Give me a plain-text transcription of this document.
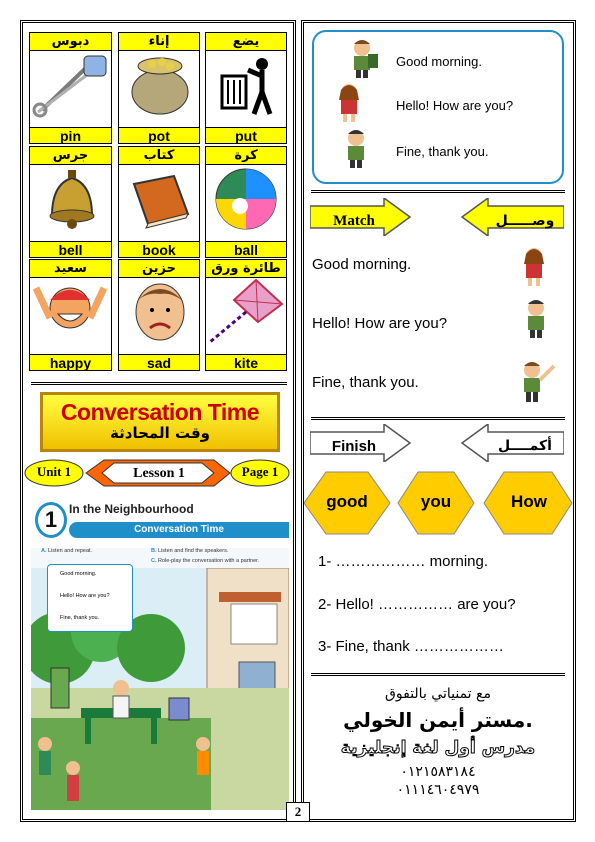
دبوس
pin
إناء
pot
يضع
put
جرس
bell
كتاب
book
كرة
ball
سعيد
happy
حزين
sad
طائرة ورق
kite
Conversation Time
وقت المحادثة
Unit 1	Lesson 1	Page 1
1 In the Neighbourhood
Conversation Time
A. Listen and repeat.	B. Listen and find the speakers.
C. Role-play the conversation with a partner.
Good morning.
Hello! How are you?
Fine, thank you.
Good morning.
Hello! How are you?
Fine, thank you.
Match	وصـــــل
Good morning.
Hello! How are you?
Fine, thank you.
Finish	أكمــــل
good	you	How
1- ……………… morning.
2- Hello! …………… are you?
3- Fine, thank ………………
مع تمنياتي بالتفوق
مستر أيمن الخولي.
مدرس أول لغة إنجليزية
٠١٢١٥٨٣١٨٤
٠١١١٤٦٠٤٩٧٩
2
